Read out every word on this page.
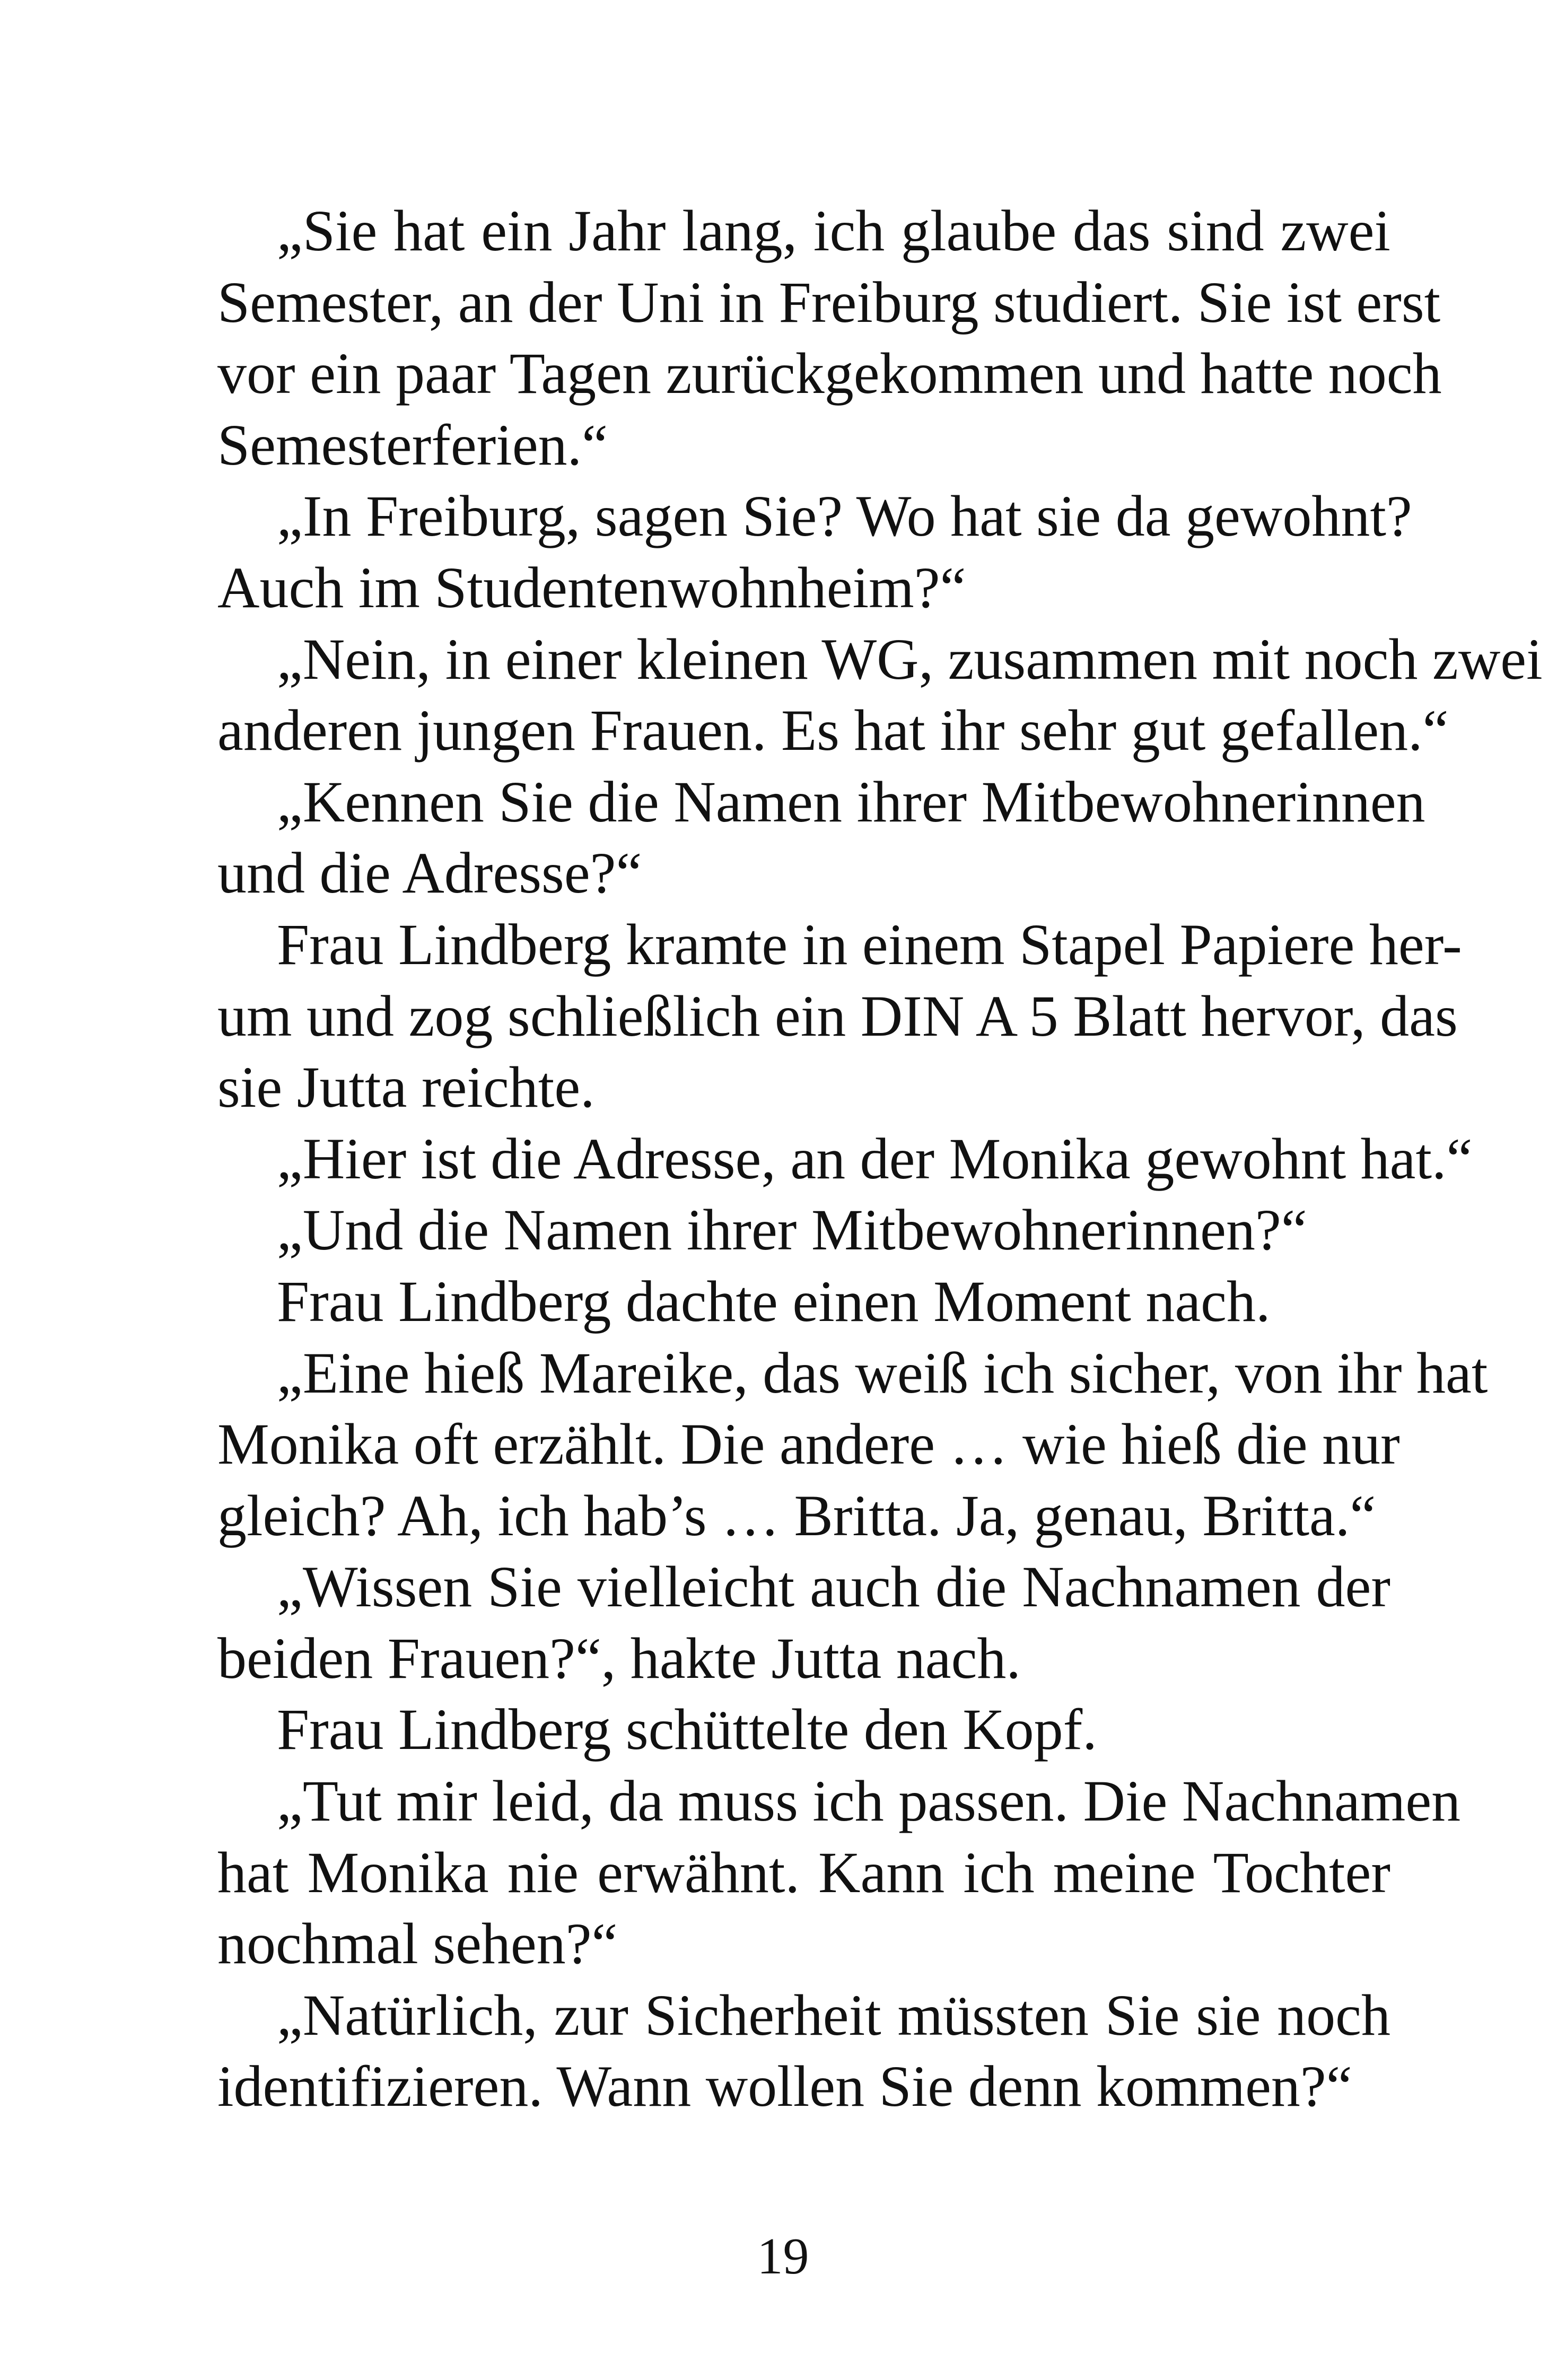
„Sie hat ein Jahr lang, ich glaube das sind zwei
Semester, an der Uni in Freiburg studiert. Sie ist erst
vor ein paar Tagen zurückgekommen und hatte noch
Semesterferien.“
„In Freiburg, sagen Sie? Wo hat sie da gewohnt?
Auch im Studentenwohnheim?“
„Nein, in einer kleinen WG, zusammen mit noch zwei
anderen jungen Frauen. Es hat ihr sehr gut gefallen.“
„Kennen Sie die Namen ihrer Mitbewohnerinnen
und die Adresse?“
Frau Lindberg kramte in einem Stapel Papiere her-
um und zog schließlich ein DIN A 5 Blatt hervor, das
sie Jutta reichte.
„Hier ist die Adresse, an der Monika gewohnt hat.“
„Und die Namen ihrer Mitbewohnerinnen?“
Frau Lindberg dachte einen Moment nach.
„Eine hieß Mareike, das weiß ich sicher, von ihr hat
Monika oft erzählt. Die andere … wie hieß die nur
gleich? Ah, ich hab’s … Britta. Ja, genau, Britta.“
„Wissen Sie vielleicht auch die Nachnamen der
beiden Frauen?“, hakte Jutta nach.
Frau Lindberg schüttelte den Kopf.
„Tut mir leid, da muss ich passen. Die Nachnamen
hat Monika nie erwähnt. Kann ich meine Tochter
nochmal sehen?“
„Natürlich, zur Sicherheit müssten Sie sie noch
identifizieren. Wann wollen Sie denn kommen?“
19
